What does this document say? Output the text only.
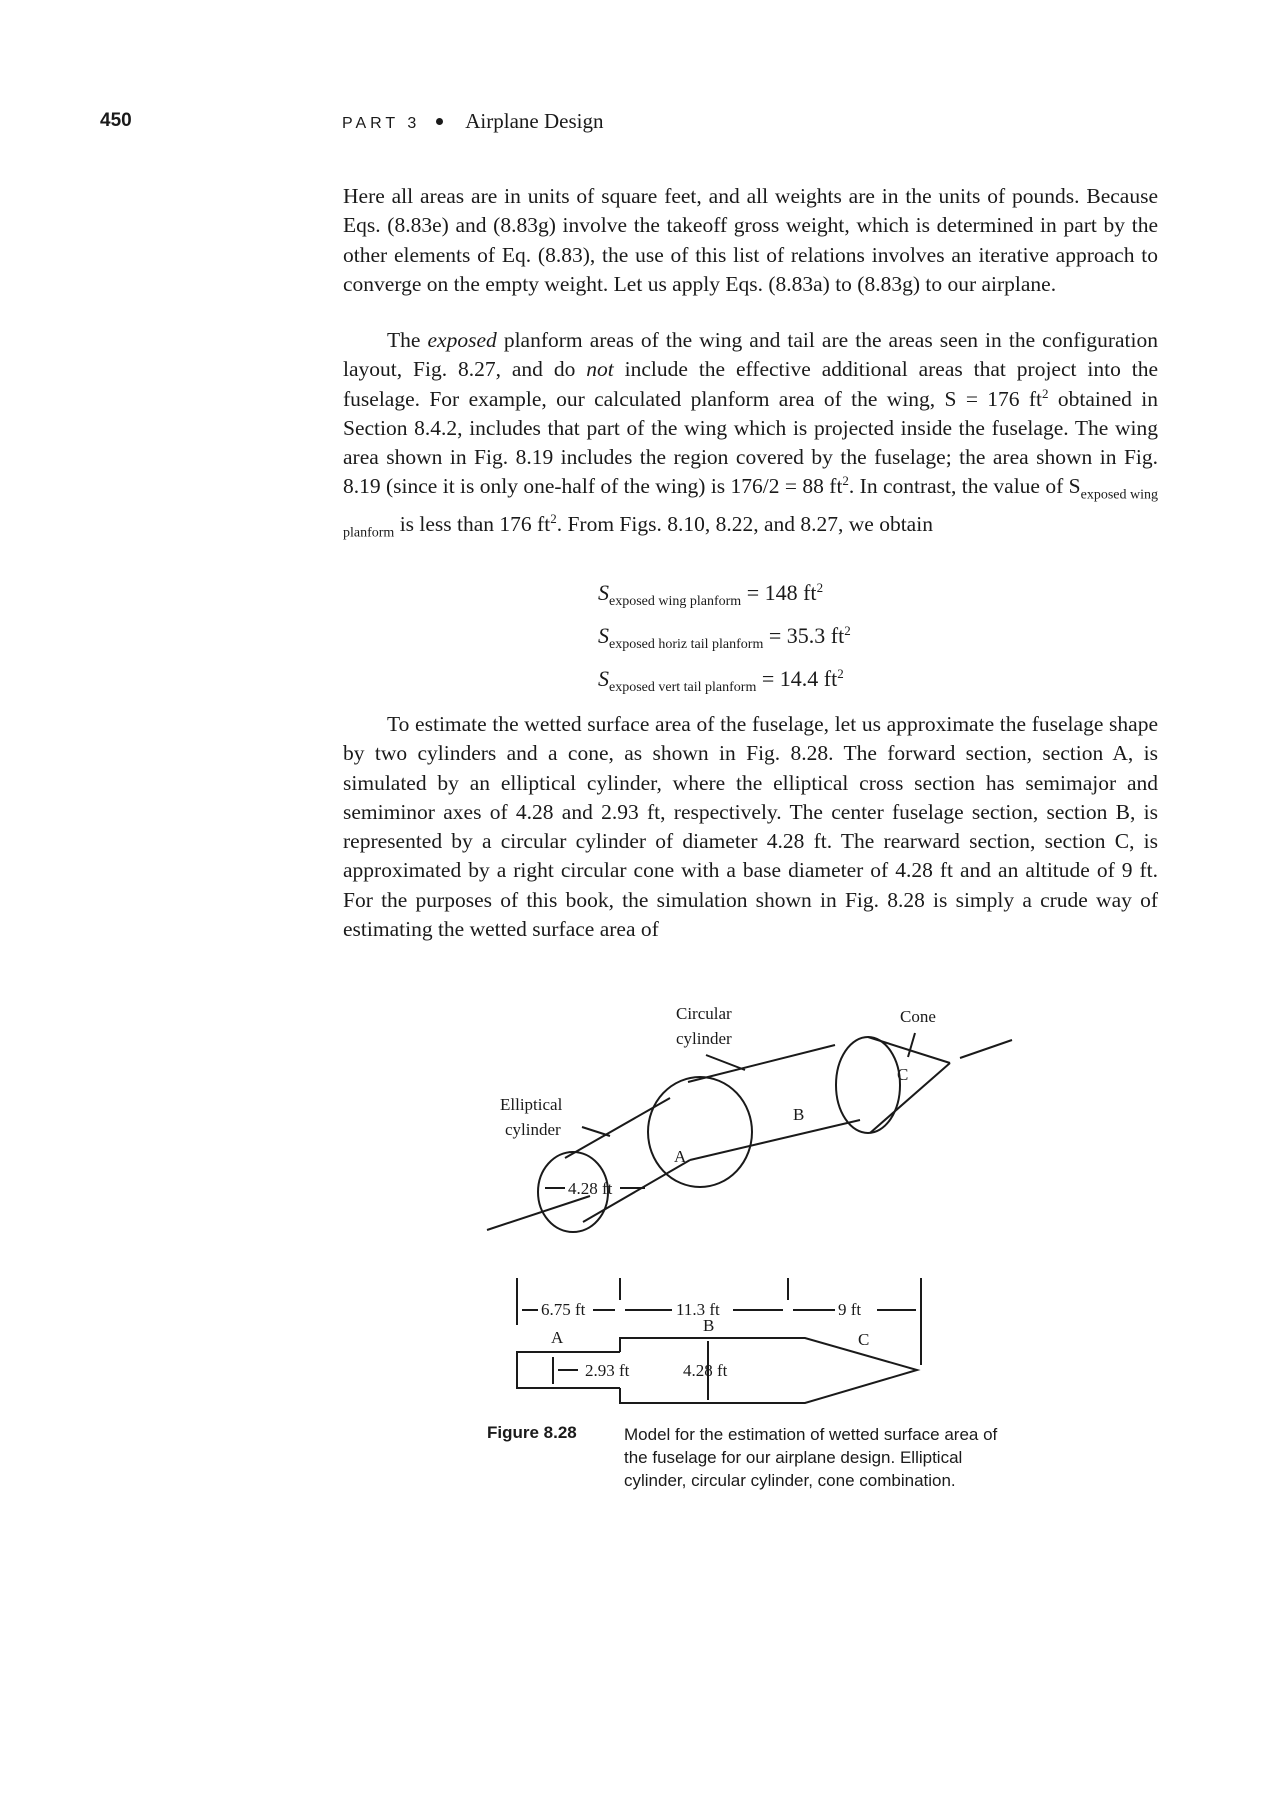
450	PART 3 Airplane Design

Here all areas are in units of square feet, and all weights are in the units of pounds. Because Eqs. (8.83e) and (8.83g) involve the takeoff gross weight, which is determined in part by the other elements of Eq. (8.83), the use of this list of relations involves an iterative approach to converge on the empty weight. Let us apply Eqs. (8.83a) to (8.83g) to our airplane.

The exposed planform areas of the wing and tail are the areas seen in the configuration layout, Fig. 8.27, and do not include the effective additional areas that project into the fuselage. For example, our calculated planform area of the wing, S = 176 $ft^2$ obtained in Section 8.4.2, includes that part of the wing which is projected inside the fuselage. The wing area shown in Fig. 8.19 includes the region covered by the fuselage; the area shown in Fig. 8.19 (since it is only one-half of the wing) is 176/2 = 88 $ft^2$. In contrast, the value of $S_{exposed wing planform}$ is less than 176 $ft^2$. From Figs. 8.10, 8.22, and 8.27, we obtain

$S_{exposed wing planform} = 148$ $ft^2$
$S_{exposed horiz tail planform} = 35.3$ $ft^2$
$S_{exposed vert tail planform} = 14.4$ $ft^2$

To estimate the wetted surface area of the fuselage, let us approximate the fuselage shape by two cylinders and a cone, as shown in Fig. 8.28. The forward section, section A, is simulated by an elliptical cylinder, where the elliptical cross section has semimajor and semiminor axes of 4.28 and 2.93 ft, respectively. The center fuselage section, section B, is represented by a circular cylinder of diameter 4.28 ft. The rearward section, section C, is approximated by a right circular cone with a base diameter of 4.28 ft and an altitude of 9 ft. For the purposes of this book, the simulation shown in Fig. 8.28 is simply a crude way of estimating the wetted surface area of

Circular
cylinder
Cone
Elliptical
cylinder
A
B
C
4.28 ft
6.75 ft	11.3 ft	9 ft
A
B
C
2.93 ft	4.28 ft
Figure 8.28	Model for the estimation of wetted surface area of the fuselage for our airplane design. Elliptical cylinder, circular cylinder, cone combination.
